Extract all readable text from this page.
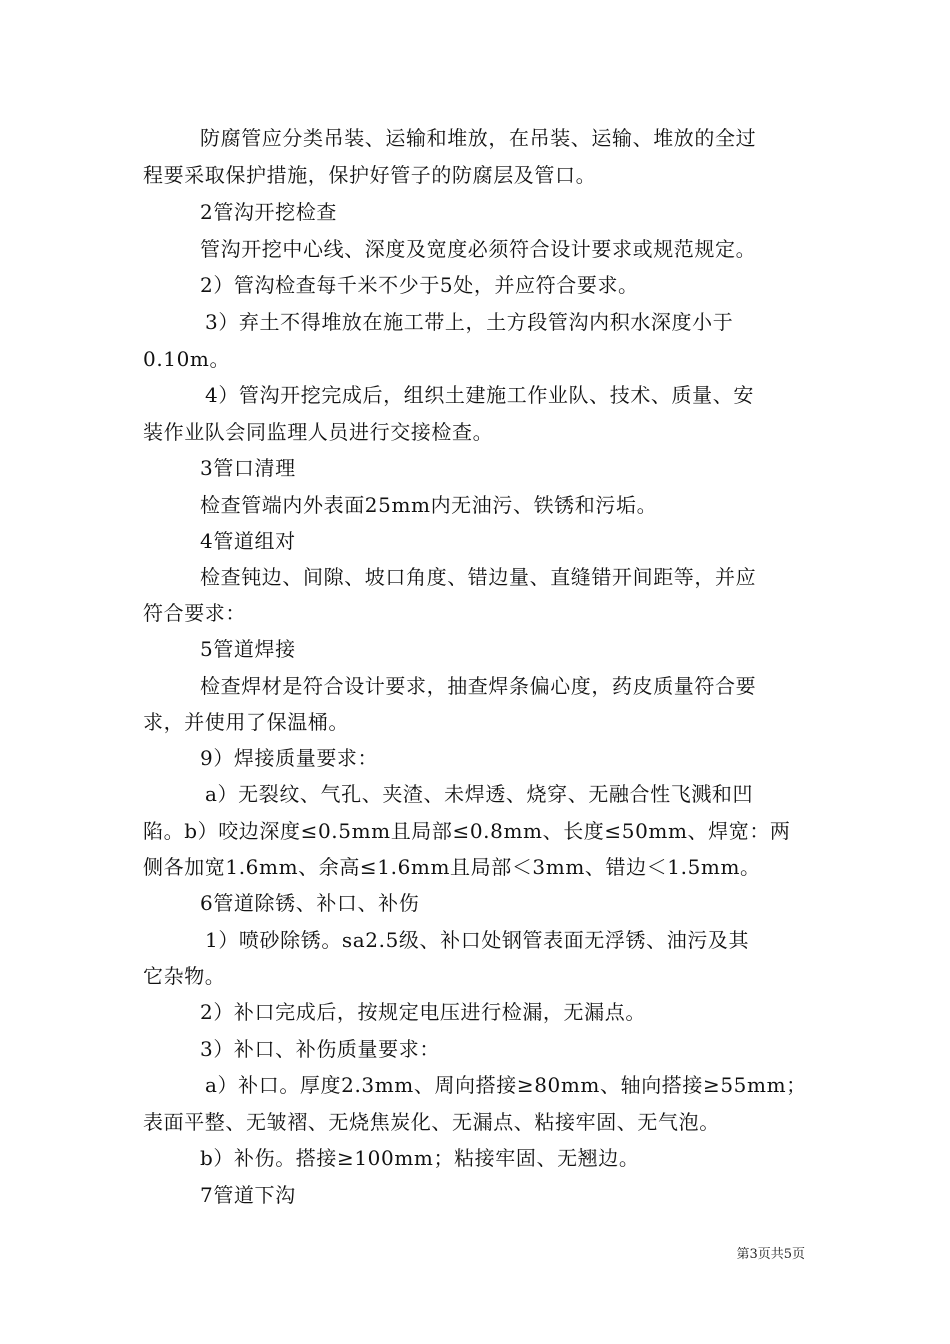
防腐管应分类吊装、运输和堆放，在吊装、运输、堆放的全过
程要采取保护措施，保护好管子的防腐层及管口。
2管沟开挖检查
管沟开挖中心线、深度及宽度必须符合设计要求或规范规定。
2）管沟检查每千米不少于5处，并应符合要求。
3）弃土不得堆放在施工带上，土方段管沟内积水深度小于
0.10m。
4）管沟开挖完成后，组织土建施工作业队、技术、质量、安
装作业队会同监理人员进行交接检查。
3管口清理
检查管端内外表面25mm内无油污、铁锈和污垢。
4管道组对
检查钝边、间隙、坡口角度、错边量、直缝错开间距等，并应
符合要求：
5管道焊接
检查焊材是符合设计要求，抽查焊条偏心度，药皮质量符合要
求，并使用了保温桶。
9）焊接质量要求：
a）无裂纹、气孔、夹渣、未焊透、烧穿、无融合性飞溅和凹
陷。b）咬边深度≤0.5mm且局部≤0.8mm、长度≤50mm、焊宽：两
侧各加宽1.6mm、余高≤1.6mm且局部＜3mm、错边＜1.5mm。
6管道除锈、补口、补伤
1）喷砂除锈。sa2.5级、补口处钢管表面无浮锈、油污及其
它杂物。
2）补口完成后，按规定电压进行检漏，无漏点。
3）补口、补伤质量要求：
a）补口。厚度2.3mm、周向搭接≥80mm、轴向搭接≥55mm；
表面平整、无皱褶、无烧焦炭化、无漏点、粘接牢固、无气泡。
b）补伤。搭接≥100mm；粘接牢固、无翘边。
7管道下沟
第3页共5页
